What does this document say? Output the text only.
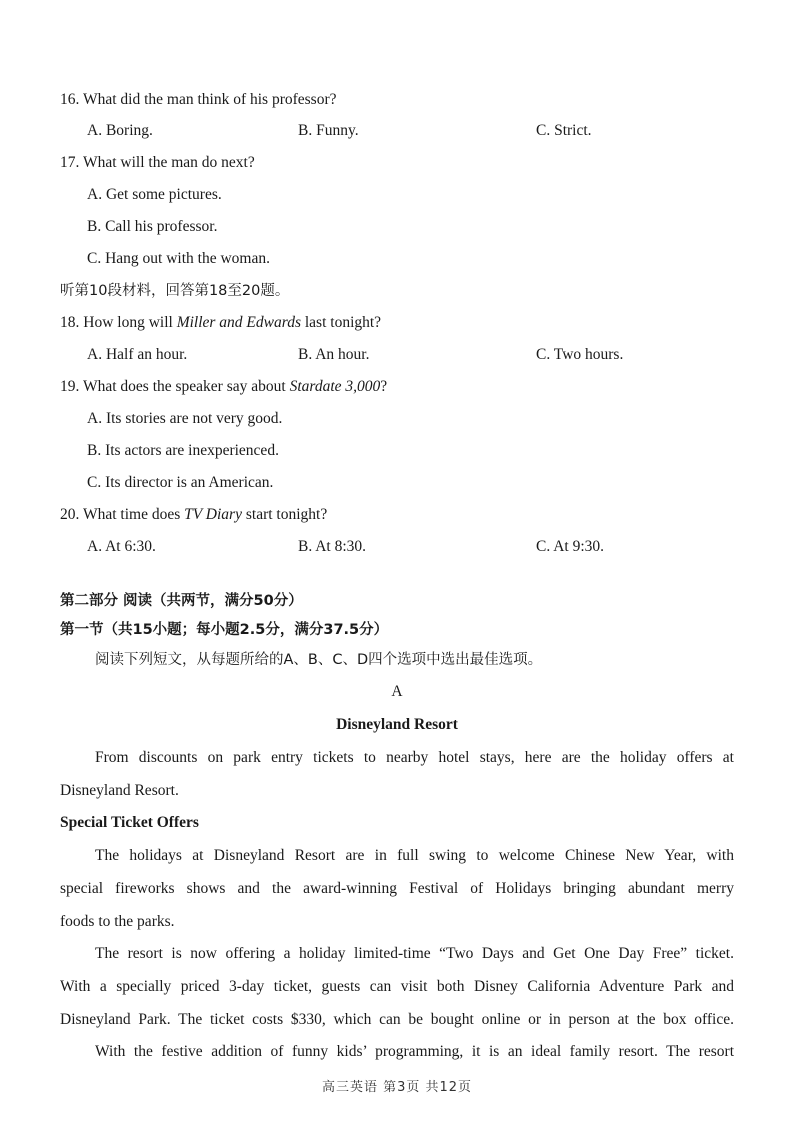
16. What did the man think of his professor?
A. Boring.	B. Funny.	C. Strict.
17. What will the man do next?
A. Get some pictures.
B. Call his professor.
C. Hang out with the woman.
听第10段材料，回答第18至20题。
18. How long will Miller and Edwards last tonight?
A. Half an hour.	B. An hour.	C. Two hours.
19. What does the speaker say about Stardate 3,000?
A. Its stories are not very good.
B. Its actors are inexperienced.
C. Its director is an American.
20. What time does TV Diary start tonight?
A. At 6:30.	B. At 8:30.	C. At 9:30.
第二部分 阅读（共两节，满分50分）
第一节（共15小题；每小题2.5分，满分37.5分）
阅读下列短文，从每题所给的A、B、C、D四个选项中选出最佳选项。
A
Disneyland Resort
From discounts on park entry tickets to nearby hotel stays, here are the holiday offers at
Disneyland Resort.
Special Ticket Offers
The holidays at Disneyland Resort are in full swing to welcome Chinese New Year, with
special fireworks shows and the award-winning Festival of Holidays bringing abundant merry
foods to the parks.
The resort is now offering a holiday limited-time “Two Days and Get One Day Free” ticket.
With a specially priced 3-day ticket, guests can visit both Disney California Adventure Park and
Disneyland Park. The ticket costs $330, which can be bought online or in person at the box office.
With the festive addition of funny kids’ programming, it is an ideal family resort. The resort
高三英语 第3页 共12页
